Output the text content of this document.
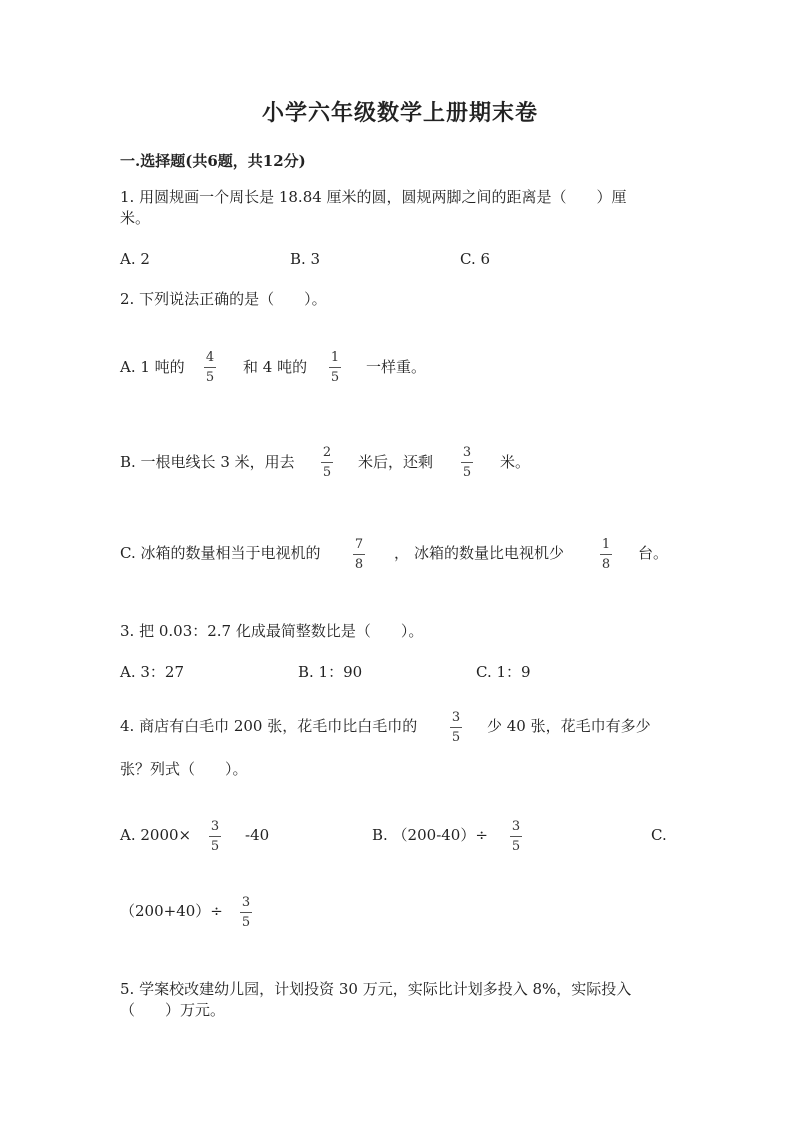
小学六年级数学上册期末卷
一.选择题(共6题，共12分)
1. 用圆规画一个周长是 18.84 厘米的圆，圆规两脚之间的距离是（　　）厘
米。
A. 2	B. 3	C. 6
2. 下列说法正确的是（　　）。
A. 1 吨的
4
5
和 4 吨的
1
5
一样重。
B. 一根电线长 3 米，用去
2
5
米后，还剩
3
5
米。
C. 冰箱的数量相当于电视机的	7
8
， 冰箱的数量比电视机少	1
8
台。
3. 把 0.03：2.7 化成最简整数比是（　　）。
A. 3：27	B. 1：90	C. 1：9
4. 商店有白毛巾 200 张，花毛巾比白毛巾的	3
5
少 40 张，花毛巾有多少
张？列式（　　）。
A. 2000× 3
5
-40	B. （200-40）÷ 3
5
C.
（200+40）÷ 3
5
5. 学案校改建幼儿园，计划投资 30 万元，实际比计划多投入 8%，实际投入
（　　）万元。
